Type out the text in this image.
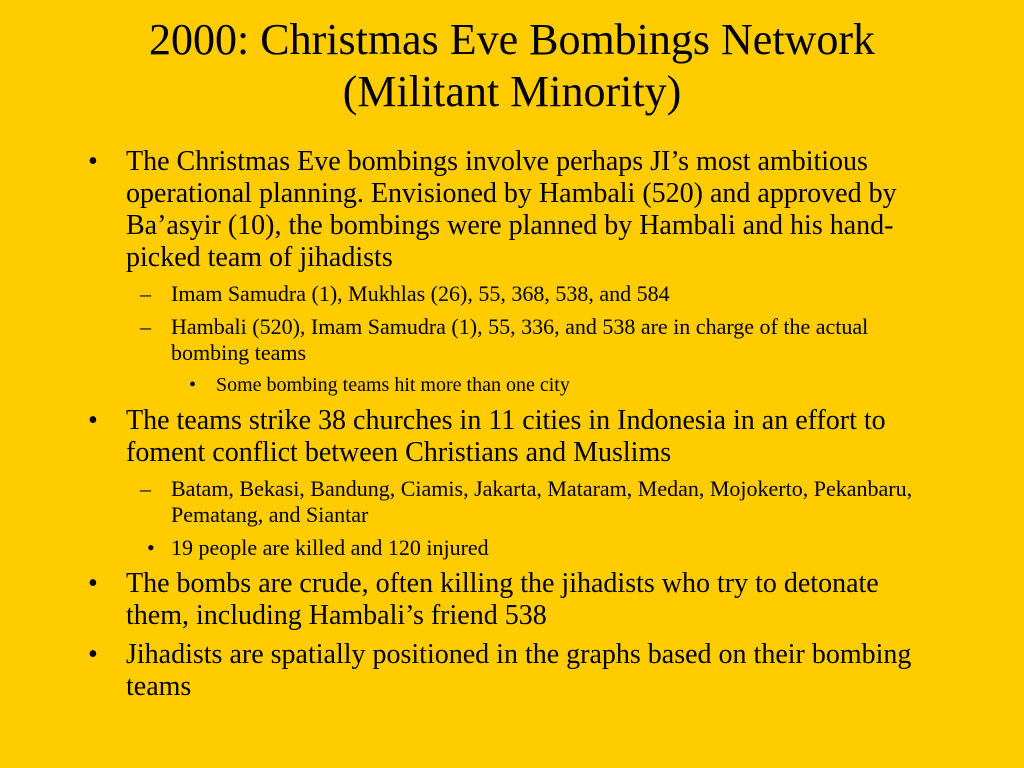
2000: Christmas Eve Bombings Network
(Militant Minority)
• The Christmas Eve bombings involve perhaps JI’s most ambitious operational planning. Envisioned by Hambali (520) and approved by Ba’asyir (10), the bombings were planned by Hambali and his hand-picked team of jihadists
– Imam Samudra (1), Mukhlas (26), 55, 368, 538, and 584
– Hambali (520), Imam Samudra (1), 55, 336, and 538 are in charge of the actual bombing teams
• Some bombing teams hit more than one city
• The teams strike 38 churches in 11 cities in Indonesia in an effort to foment conflict between Christians and Muslims
– Batam, Bekasi, Bandung, Ciamis, Jakarta, Mataram, Medan, Mojokerto, Pekanbaru, Pematang, and Siantar
• 19 people are killed and 120 injured
• The bombs are crude, often killing the jihadists who try to detonate them, including Hambali’s friend 538
• Jihadists are spatially positioned in the graphs based on their bombing teams
